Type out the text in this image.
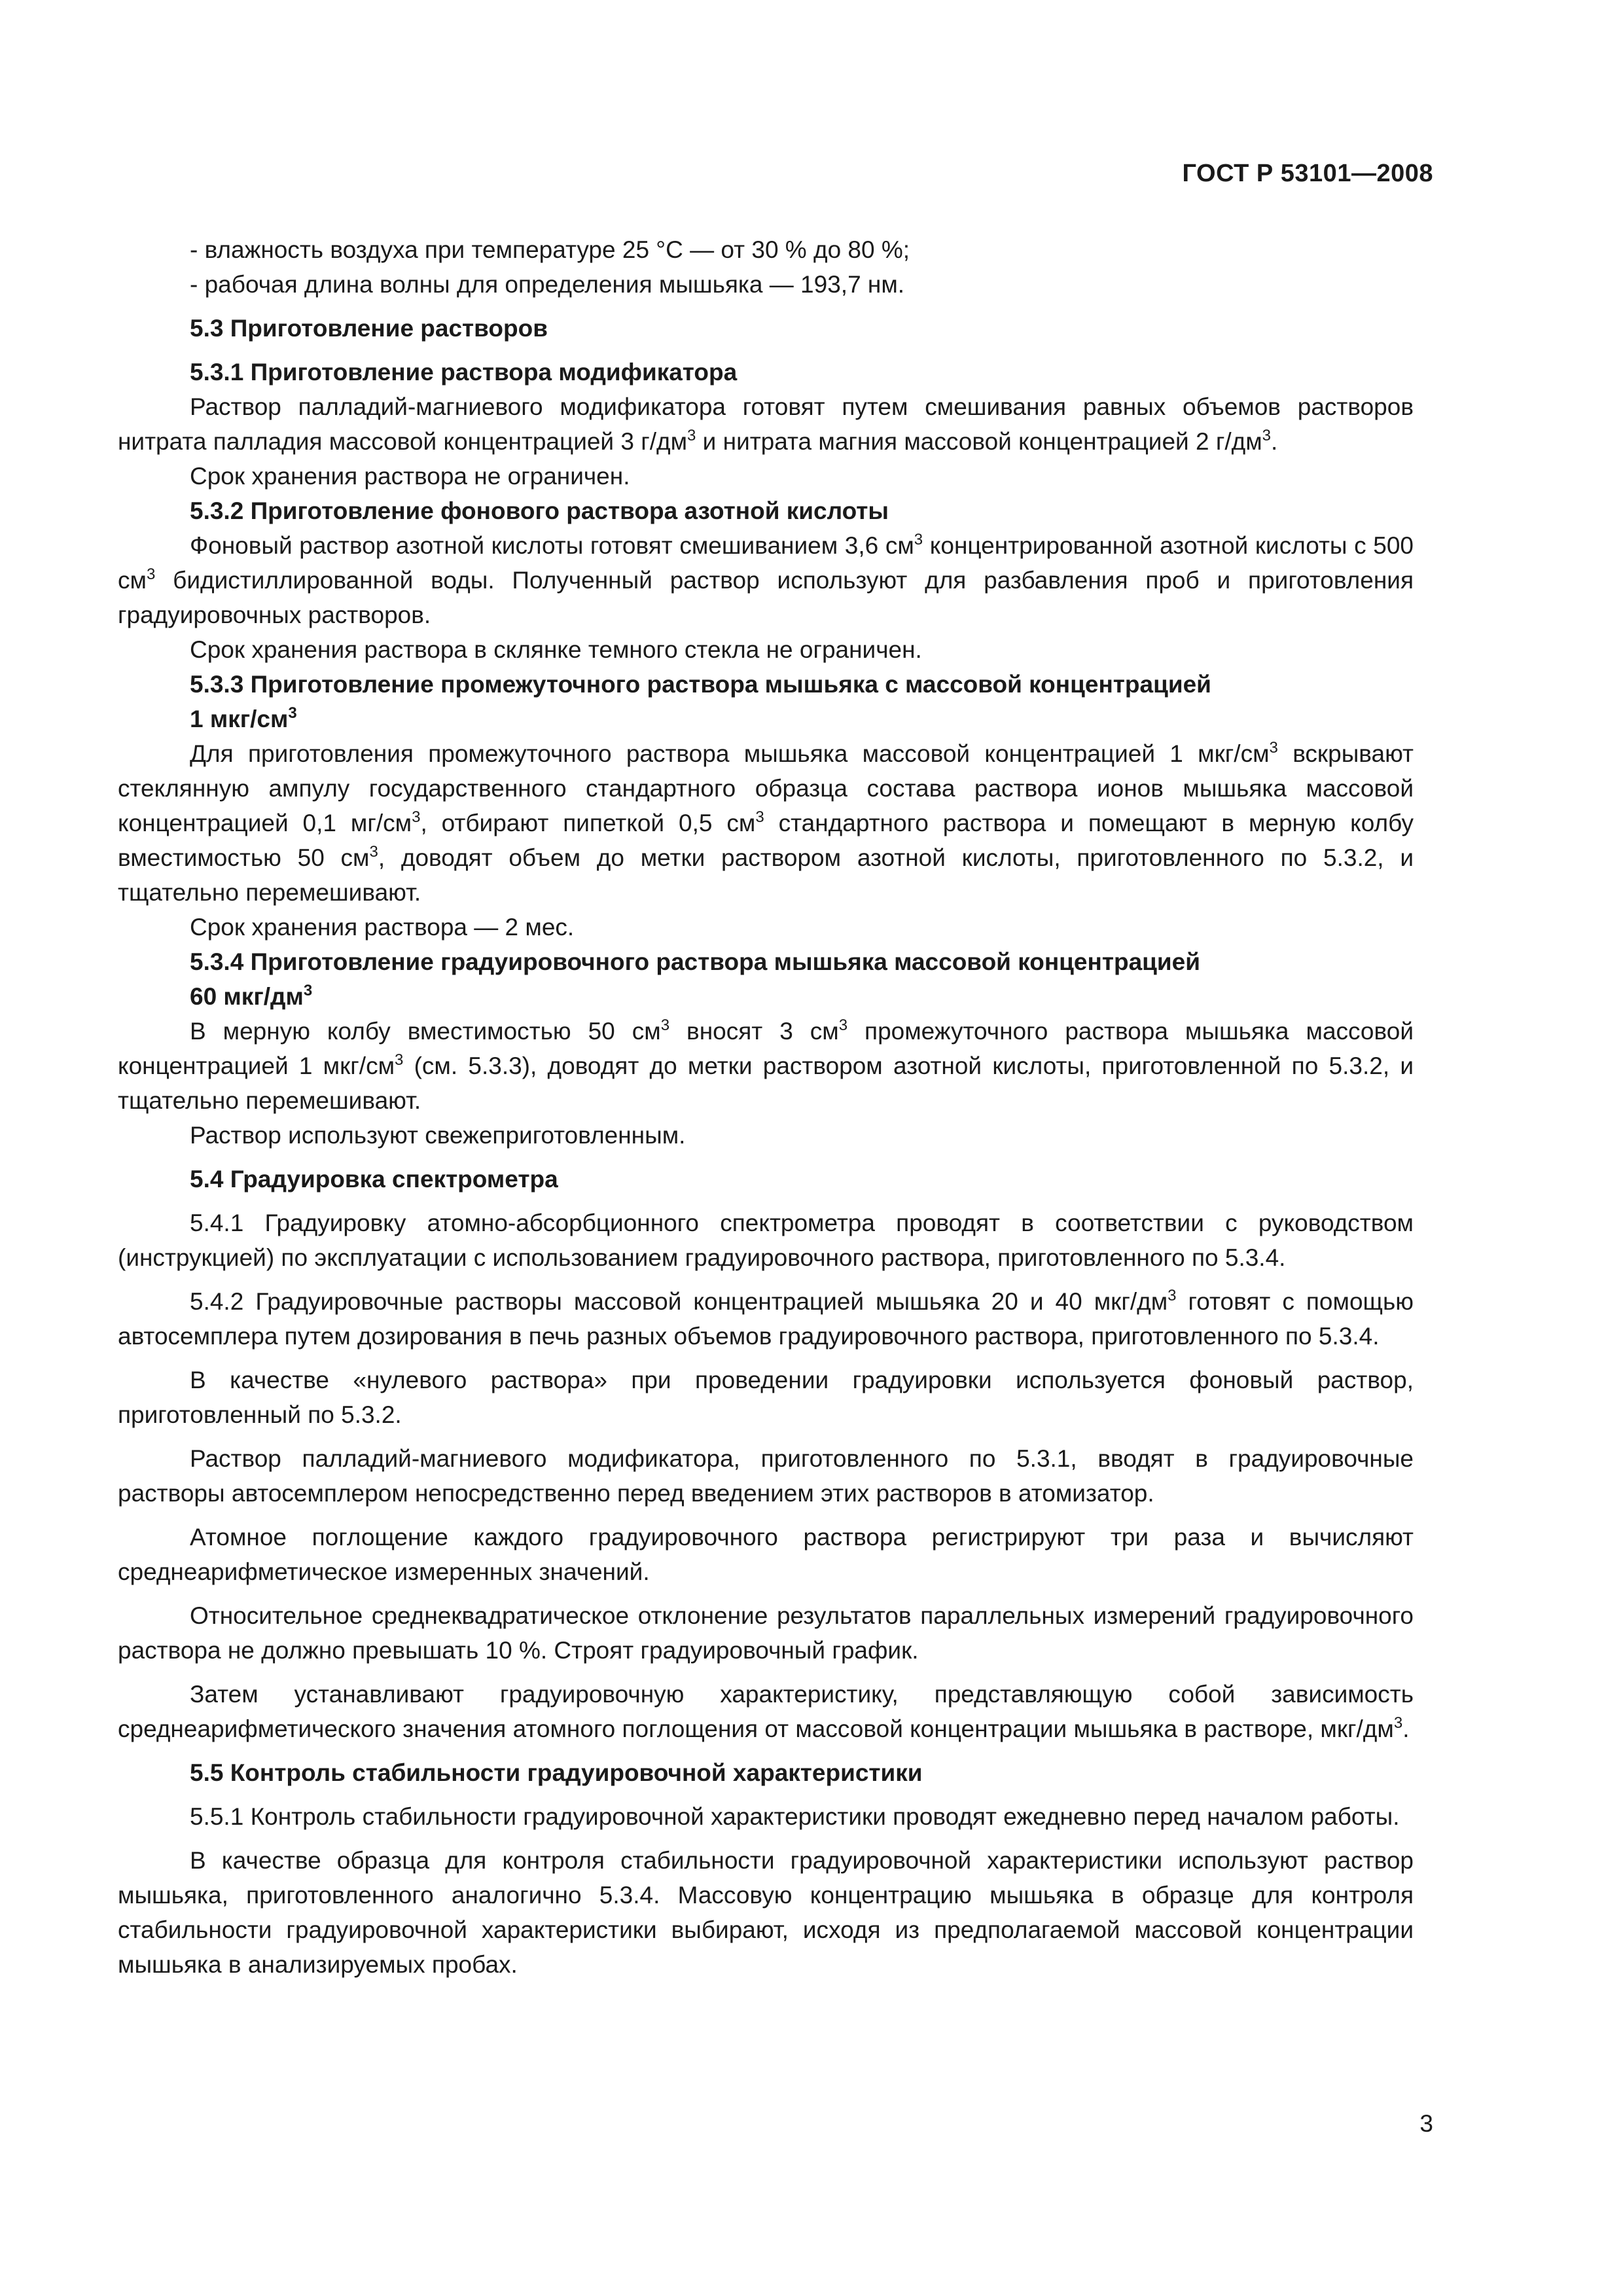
ГОСТ Р 53101—2008

- влажность воздуха при температуре 25 °С — от 30 % до 80 %;

- рабочая длина волны для определения мышьяка — 193,7 нм.

5.3 Приготовление растворов
5.3.1 Приготовление раствора модификатора

Раствор палладий-магниевого модификатора готовят путем смешивания равных объемов растворов нитрата палладия массовой концентрацией 3 $г/дм^3$ и нитрата магния массовой концентрацией 2 $г/дм^3$.

Срок хранения раствора не ограничен.

5.3.2 Приготовление фонового раствора азотной кислоты

Фоновый раствор азотной кислоты готовят смешиванием 3,6 $см^3$ концентрированной азотной кислоты с 500 $см^3$ бидистиллированной воды. Полученный раствор используют для разбавления проб и приготовления градуировочных растворов.

Срок хранения раствора в склянке темного стекла не ограничен.

5.3.3 Приготовление промежуточного раствора мышьяка с массовой концентрацией
1 мкг/$см^3$

Для приготовления промежуточного раствора мышьяка массовой концентрацией 1 мкг/$см^3$ вскрывают стеклянную ампулу государственного стандартного образца состава раствора ионов мышьяка массовой концентрацией 0,1 $мг/см^3$, отбирают пипеткой 0,5 $см^3$ стандартного раствора и помещают в мерную колбу вместимостью 50 $см^3$, доводят объем до метки раствором азотной кислоты, приготовленного по 5.3.2, и тщательно перемешивают.

Срок хранения раствора — 2 мес.

5.3.4 Приготовление градуировочного раствора мышьяка массовой концентрацией
60 мкг/$дм^3$

В мерную колбу вместимостью 50 $см^3$ вносят 3 $см^3$ промежуточного раствора мышьяка массовой концентрацией 1 мкг/$см^3$ (см. 5.3.3), доводят до метки раствором азотной кислоты, приготовленной по 5.3.2, и тщательно перемешивают.

Раствор используют свежеприготовленным.

5.4 Градуировка спектрометра

5.4.1 Градуировку атомно-абсорбционного спектрометра проводят в соответствии с руководством (инструкцией) по эксплуатации с использованием градуировочного раствора, приготовленного по 5.3.4.

5.4.2 Градуировочные растворы массовой концентрацией мышьяка 20 и 40 мкг/$дм^3$ готовят с помощью автосемплера путем дозирования в печь разных объемов градуировочного раствора, приготовленного по 5.3.4.

В качестве «нулевого раствора» при проведении градуировки используется фоновый раствор, приготовленный по 5.3.2.

Раствор палладий-магниевого модификатора, приготовленного по 5.3.1, вводят в градуировочные растворы автосемплером непосредственно перед введением этих растворов в атомизатор.

Атомное поглощение каждого градуировочного раствора регистрируют три раза и вычисляют среднеарифметическое измеренных значений.

Относительное среднеквадратическое отклонение результатов параллельных измерений градуировочного раствора не должно превышать 10 %. Строят градуировочный график.

Затем устанавливают градуировочную характеристику, представляющую собой зависимость среднеарифметического значения атомного поглощения от массовой концентрации мышьяка в растворе, мкг/$дм^3$.

5.5 Контроль стабильности градуировочной характеристики

5.5.1 Контроль стабильности градуировочной характеристики проводят ежедневно перед началом работы.

В качестве образца для контроля стабильности градуировочной характеристики используют раствор мышьяка, приготовленного аналогично 5.3.4. Массовую концентрацию мышьяка в образце для контроля стабильности градуировочной характеристики выбирают, исходя из предполагаемой массовой концентрации мышьяка в анализируемых пробах.

3
